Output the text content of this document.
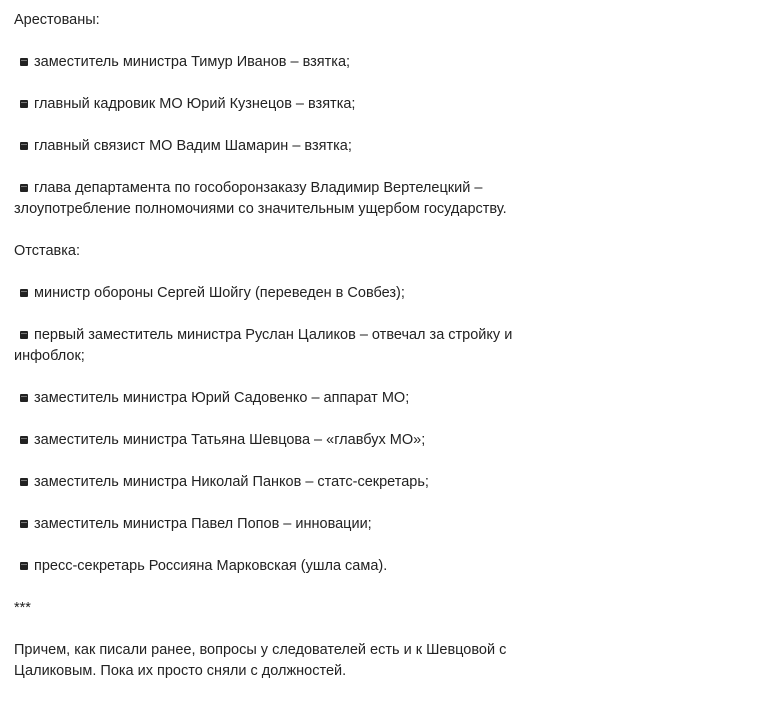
Арестованы:
заместитель министра Тимур Иванов – взятка;
главный кадровик МО Юрий Кузнецов – взятка;
главный связист МО Вадим Шамарин – взятка;
глава департамента по гособоронзаказу Владимир Вертелецкий – злоупотребление полномочиями со значительным ущербом государству.
Отставка:
министр обороны Сергей Шойгу (переведен в Совбез);
первый заместитель министра Руслан Цаликов – отвечал за стройку и инфоблок;
заместитель министра Юрий Садовенко – аппарат МО;
заместитель министра Татьяна Шевцова – «главбух МО»;
заместитель министра Николай Панков – статс-секретарь;
заместитель министра Павел Попов – инновации;
пресс-секретарь Россияна Марковская (ушла сама).
***
Причем, как писали ранее, вопросы у следователей есть и к Шевцовой с Цаликовым. Пока их просто сняли с должностей.
